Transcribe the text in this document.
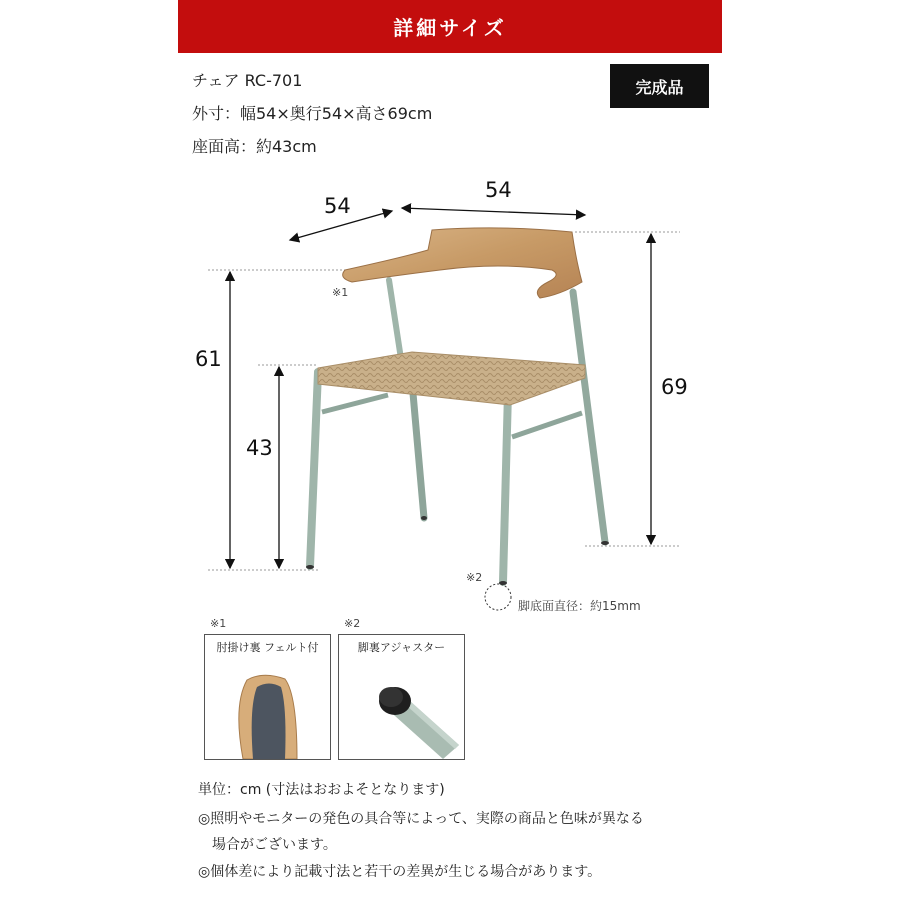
詳細サイズ
チェア RC-701
外寸：幅54×奥行54×高さ69cm
座面高：約43cm
完成品
54
54
61
43
69
※1
※2
脚底面直径：約15mm
※1
肘掛け裏 フェルト付
※2
脚裏アジャスター
単位：cm (寸法はおおよそとなります)
◎照明やモニターの発色の具合等によって、実際の商品と色味が異なる
　場合がございます。
◎個体差により記載寸法と若干の差異が生じる場合があります。
